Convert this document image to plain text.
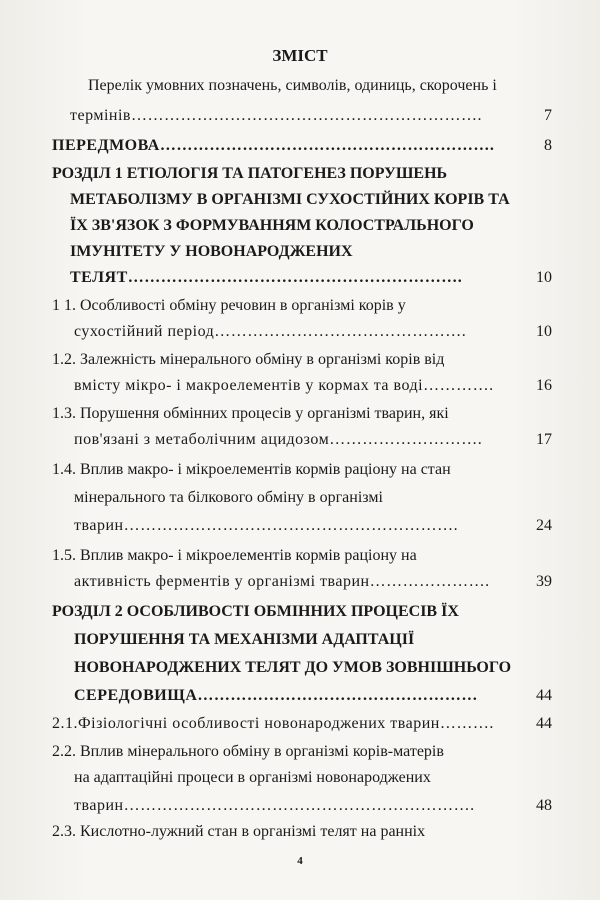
ЗМІСТ
Перелік умовних позначень, символів, одиниць, скорочень і
термінів……………………………………………………….	7
ПЕРЕДМОВА…………………………………………………….	8
РОЗДІЛ 1 ЕТІОЛОГІЯ ТА ПАТОГЕНЕЗ ПОРУШЕНЬ
МЕТАБОЛІЗМУ В ОРГАНІЗМІ СУХОСТІЙНИХ КОРІВ ТА
ЇХ ЗВ'ЯЗОК З ФОРМУВАННЯМ КОЛОСТРАЛЬНОГО
ІМУНІТЕТУ У НОВОНАРОДЖЕНИХ
ТЕЛЯТ…………………………………………………….	10
1 1. Особливості обміну речовин в організмі корів у
сухостійний період……………………………………….	10
1.2. Залежність мінерального обміну в організмі корів від
вмісту мікро- і макроелементів у кормах та воді………….	16
1.3. Порушення обмінних процесів у організмі тварин, які
пов'язані з метаболічним ацидозом……………………….	17
1.4. Вплив макро- і мікроелементів кормів раціону на стан
мінерального та білкового обміну в організмі
тварин…………………………………………………….	24
1.5. Вплив макро- і мікроелементів кормів раціону на
активність ферментів у організмі тварин………………….	39
РОЗДІЛ 2 ОСОБЛИВОСТІ ОБМІННИХ ПРОЦЕСІВ ЇХ
ПОРУШЕННЯ ТА МЕХАНІЗМИ АДАПТАЦІЇ
НОВОНАРОДЖЕНИХ ТЕЛЯТ ДО УМОВ ЗОВНІШНЬОГО
СЕРЕДОВИЩА……………………………………………	44
2.1.Фізіологічні особливості новонароджених тварин……….	44
2.2. Вплив мінерального обміну в організмі корів-матерів
на адаптаційні процеси в організмі новонароджених
тварин……………………………………………………….	48
2.3. Кислотно-лужний стан в організмі телят на ранніх
4
